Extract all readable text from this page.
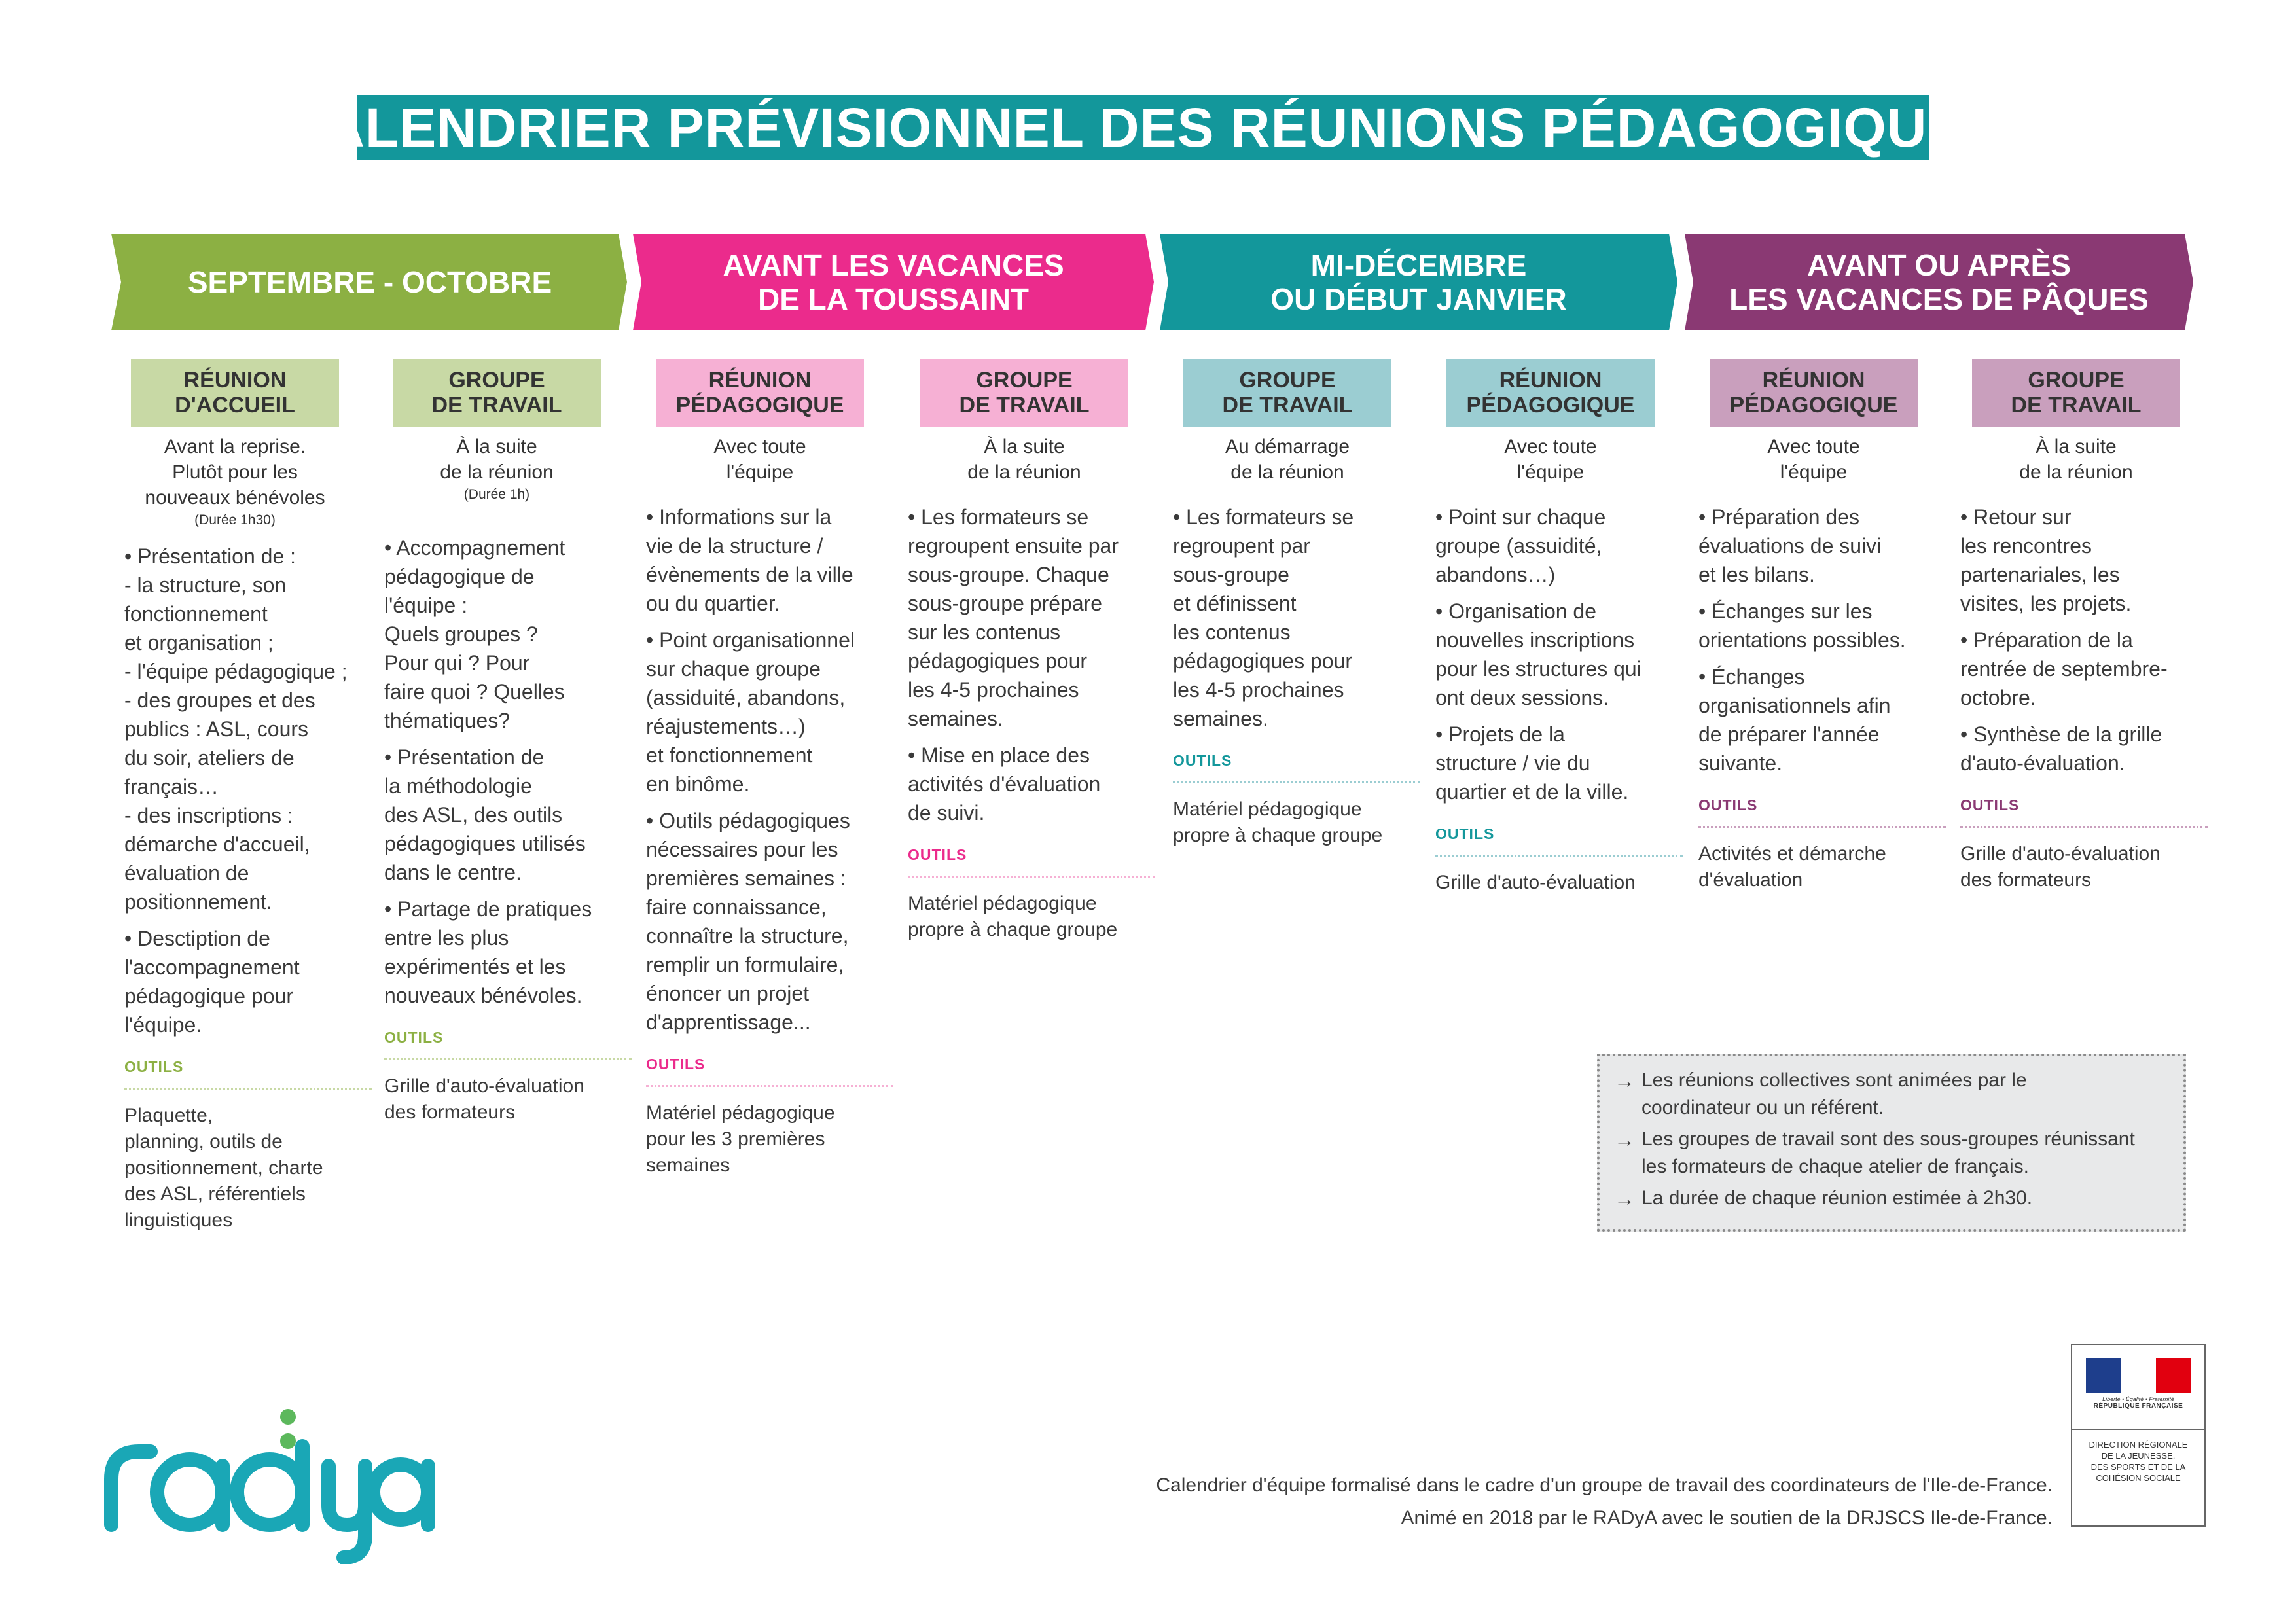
CALENDRIER PRÉVISIONNEL DES RÉUNIONS PÉDAGOGIQUES
SEPTEMBRE - OCTOBRE	AVANT LES VACANCES
DE LA TOUSSAINT
MI-DÉCEMBRE
OU DÉBUT JANVIER
AVANT OU APRÈS
LES VACANCES DE PÂQUES
RÉUNION
D'ACCUEIL
Avant la reprise.
Plutôt pour les
nouveaux bénévoles
(Durée 1h30)

• Présentation de :
- la structure, son
fonctionnement
et organisation ;
- l'équipe pédagogique ;
- des groupes et des
publics : ASL, cours
du soir, ateliers de
français…
- des inscriptions :
démarche d'accueil,
évaluation de
positionnement.

• Desctiption de
l'accompagnement
pédagogique pour
l'équipe.

OUTILS
Plaquette,
planning, outils de
positionnement, charte
des ASL, référentiels
linguistiques
GROUPE
DE TRAVAIL
À la suite
de la réunion
(Durée 1h)

• Accompagnement
pédagogique de
l'équipe :
Quels groupes ?
Pour qui ? Pour
faire quoi ? Quelles
thématiques?

• Présentation de
la méthodologie
des ASL, des outils
pédagogiques utilisés
dans le centre.

• Partage de pratiques
entre les plus
expérimentés et les
nouveaux bénévoles.

OUTILS
Grille d'auto-évaluation
des formateurs
RÉUNION
PÉDAGOGIQUE
Avec toute
l'équipe

• Informations sur la
vie de la structure /
évènements de la ville
ou du quartier.

• Point organisationnel
sur chaque groupe
(assiduité, abandons,
réajustements…)
et fonctionnement
en binôme.

• Outils pédagogiques
nécessaires pour les
premières semaines :
faire connaissance,
connaître la structure,
remplir un formulaire,
énoncer un projet
d'apprentissage...

OUTILS
Matériel pédagogique
pour les 3 premières
semaines
GROUPE
DE TRAVAIL
À la suite
de la réunion

• Les formateurs se
regroupent ensuite par
sous-groupe. Chaque
sous-groupe prépare
sur les contenus
pédagogiques pour
les 4-5 prochaines
semaines.

• Mise en place des
activités d'évaluation
de suivi.

OUTILS
Matériel pédagogique
propre à chaque groupe
GROUPE
DE TRAVAIL
Au démarrage
de la réunion

• Les formateurs se
regroupent par
sous-groupe
et définissent
les contenus
pédagogiques pour
les 4-5 prochaines
semaines.

OUTILS
Matériel pédagogique
propre à chaque groupe
RÉUNION
PÉDAGOGIQUE
Avec toute
l'équipe

• Point sur chaque
groupe (assuidité,
abandons…)

• Organisation de
nouvelles inscriptions
pour les structures qui
ont deux sessions.

• Projets de la
structure / vie du
quartier et de la ville.

OUTILS
Grille d'auto-évaluation
RÉUNION
PÉDAGOGIQUE
Avec toute
l'équipe

• Préparation des
évaluations de suivi
et les bilans.

• Échanges sur les
orientations possibles.

• Échanges
organisationnels afin
de préparer l'année
suivante.

OUTILS
Activités et démarche
d'évaluation
GROUPE
DE TRAVAIL
À la suite
de la réunion

• Retour sur
les rencontres
partenariales, les
visites, les projets.

• Préparation de la
rentrée de septembre-
octobre.

• Synthèse de la grille
d'auto-évaluation.

OUTILS
Grille d'auto-évaluation
des formateurs
→ Les réunions collectives sont animées par le
coordinateur ou un référent.
→ Les groupes de travail sont des sous-groupes réunissant
les formateurs de chaque atelier de français.
→ La durée de chaque réunion estimée à 2h30.
Calendrier d'équipe formalisé dans le cadre d'un groupe de travail des coordinateurs de l'Ile-de-France.
Animé en 2018 par le RADyA avec le soutien de la DRJSCS Ile-de-France.
Liberté • Égalité • Fraternité
RÉPUBLIQUE FRANÇAISE
DIRECTION RÉGIONALE
DE LA JEUNESSE,
DES SPORTS ET DE LA
COHÉSION SOCIALE
